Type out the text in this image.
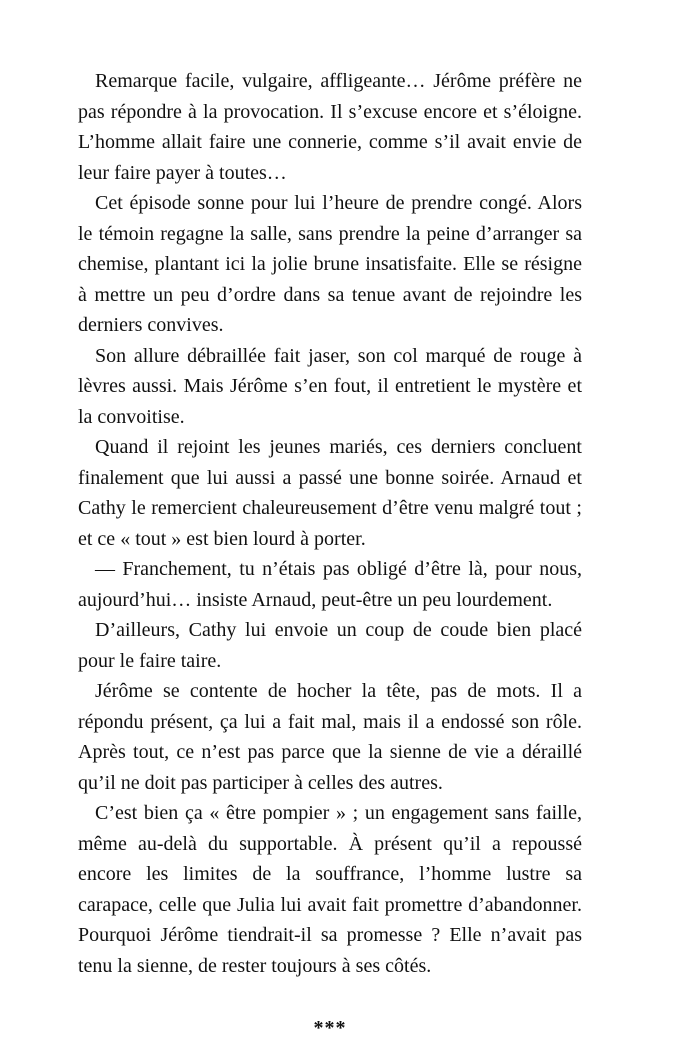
Remarque facile, vulgaire, affligeante… Jérôme préfère ne pas répondre à la provocation. Il s’excuse encore et s’éloigne. L’homme allait faire une connerie, comme s’il avait envie de leur faire payer à toutes…

Cet épisode sonne pour lui l’heure de prendre congé. Alors le témoin regagne la salle, sans prendre la peine d’arranger sa chemise, plantant ici la jolie brune insatisfaite. Elle se résigne à mettre un peu d’ordre dans sa tenue avant de rejoindre les derniers convives.

Son allure débraillée fait jaser, son col marqué de rouge à lèvres aussi. Mais Jérôme s’en fout, il entretient le mystère et la convoitise.

Quand il rejoint les jeunes mariés, ces derniers concluent finalement que lui aussi a passé une bonne soirée. Arnaud et Cathy le remercient chaleureusement d’être venu malgré tout ; et ce « tout » est bien lourd à porter.

— Franchement, tu n’étais pas obligé d’être là, pour nous, aujourd’hui… insiste Arnaud, peut-être un peu lourdement.

D’ailleurs, Cathy lui envoie un coup de coude bien placé pour le faire taire.

Jérôme se contente de hocher la tête, pas de mots. Il a répondu présent, ça lui a fait mal, mais il a endossé son rôle. Après tout, ce n’est pas parce que la sienne de vie a déraillé qu’il ne doit pas participer à celles des autres.

C’est bien ça « être pompier » ; un engagement sans faille, même au-delà du supportable. À présent qu’il a repoussé encore les limites de la souffrance, l’homme lustre sa carapace, celle que Julia lui avait fait promettre d’abandonner. Pourquoi Jérôme tiendrait-il sa promesse ? Elle n’avait pas tenu la sienne, de rester toujours à ses côtés.

***
